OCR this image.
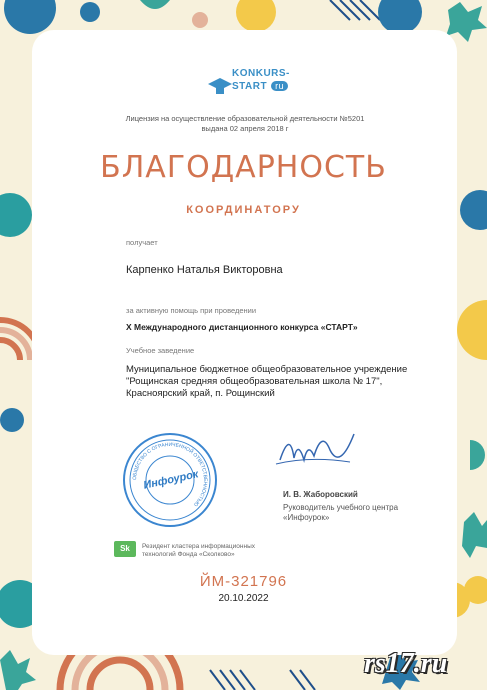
KONKURS-
START ru
Лицензия на осуществление образовательной деятельности №5201 выдана 02 апреля 2018 г
БЛАГОДАРНОСТЬ
КООРДИНАТОРУ
получает
Карпенко Наталья Викторовна
за активную помощь при проведении
X Международного дистанционного конкурса «СТАРТ»
Учебное заведение
Муниципальное бюджетное общеобразовательное учреждение
"Рощинская средняя общеобразовательная школа № 17",
Красноярский край, п. Рощинский
ОБЩЕСТВО С ОГРАНИЧЕННОЙ ОТВЕТСТВЕННОСТЬЮ
Инфоурок
И. В. Жаборовский
Руководитель учебного центра
«Инфоурок»
Sk	Резидент кластера информационных
технологий Фонда «Сколково»
ЙМ-321796
20.10.2022
rs17.ru
